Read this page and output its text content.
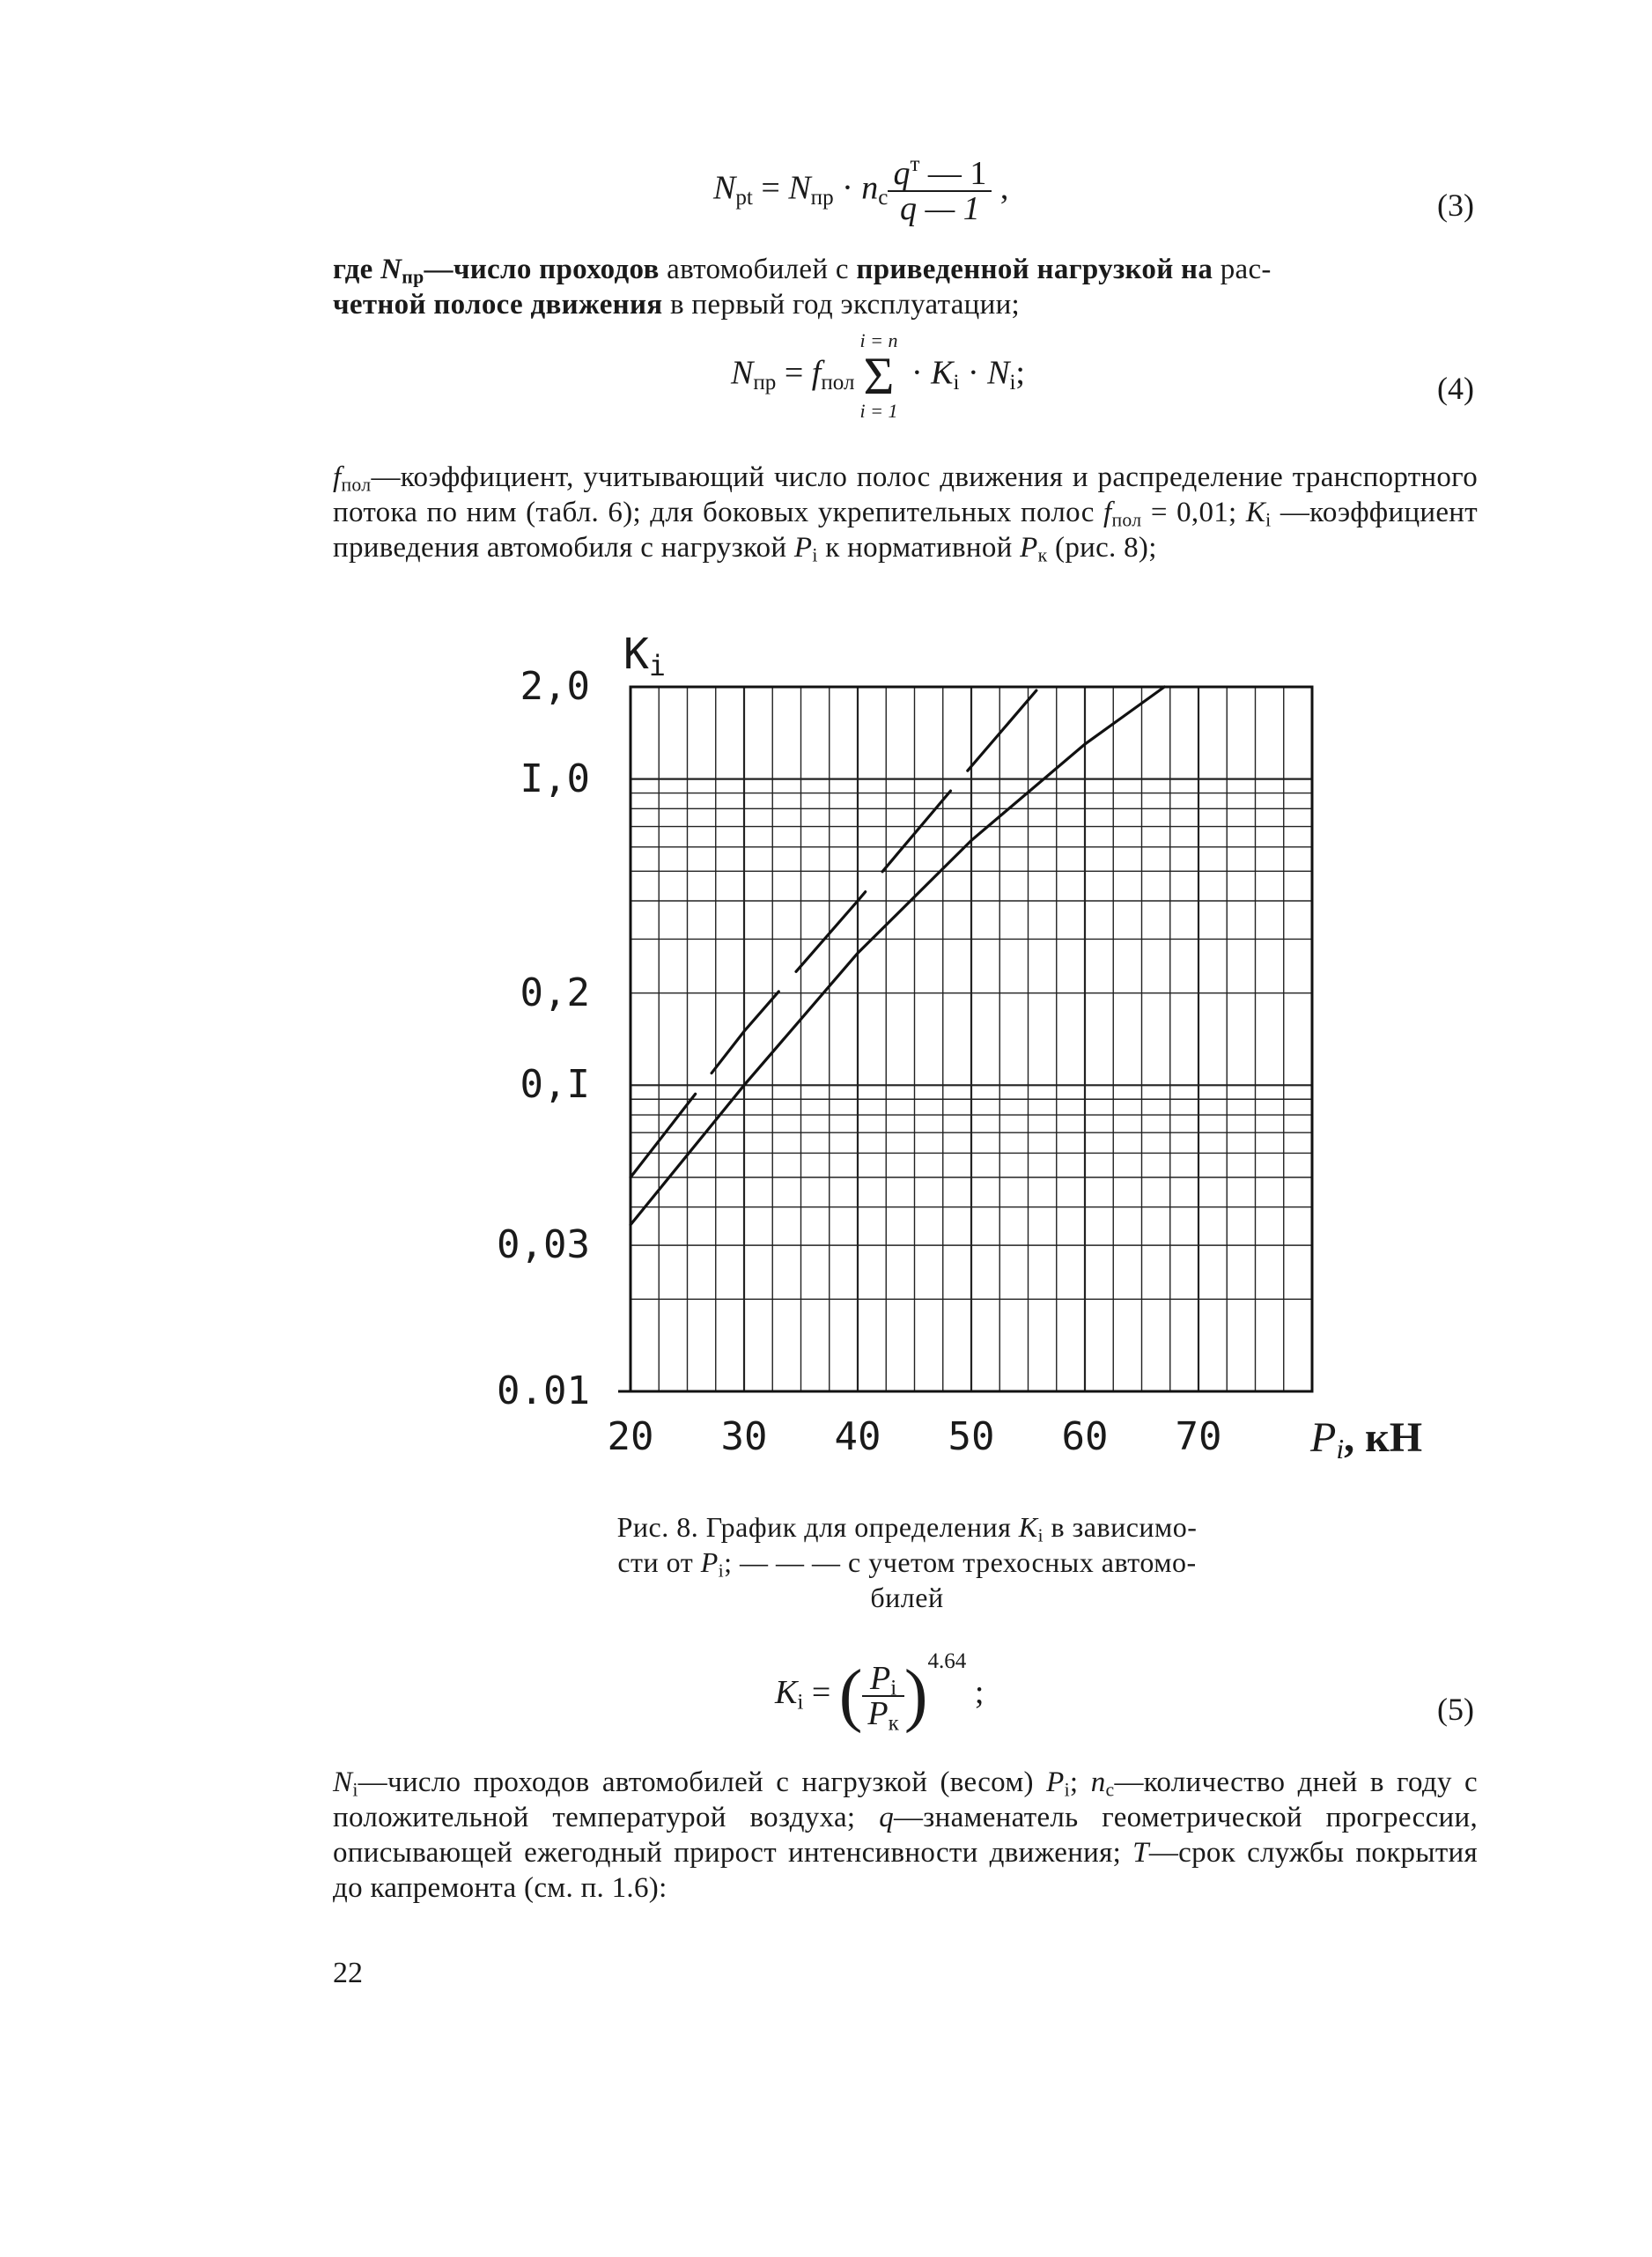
$N_{pt} = N_{пр} \cdot n_с \frac{q^т — 1}{q — 1}$ ,	(3)

где $N_{пр}—число$ проходов автомобилей с приведенной нагрузкой на рас-
четной полосе движения в первый год эксплуатации;

$N_{пр} = f_{пол}$
i = n
Σ
i = 1
· $K_i \cdot N_i$;	(4)

$f_{пол}—коэффициент$, учитывающий число полос движения и распределение транспортного потока по ним (табл. 6); для боковых укрепительных полос $f_{пол} = 0,01$; $K_i$ —коэффициент приведения автомобиля с нагрузкой $P_i$ к нормативной $P_к$ (рис. 8);

$K_i$
2,0
I,0
0,2
0,I
0,03
0.01
20	30	40	50	60	70	$P_i$, кН

Рис. 8. График для определения $K_i$ в зависимо-

сти от $P_i$; — — — с учетом трехосных автомо-

билей

$K_i$ = ( $\frac{P_i}{P_к} )^{4.64}$ ;	(5)

$N_i—число$ проходов автомобилей с нагрузкой (весом) $P_i$; $n_с—количество$ дней в году с положительной температурой воздуха; q—знаменатель геометрической прогрессии, описывающей ежегодный прирост интенсивности движения; T—срок службы покрытия до капремонта (см. п. 1.6):

22
